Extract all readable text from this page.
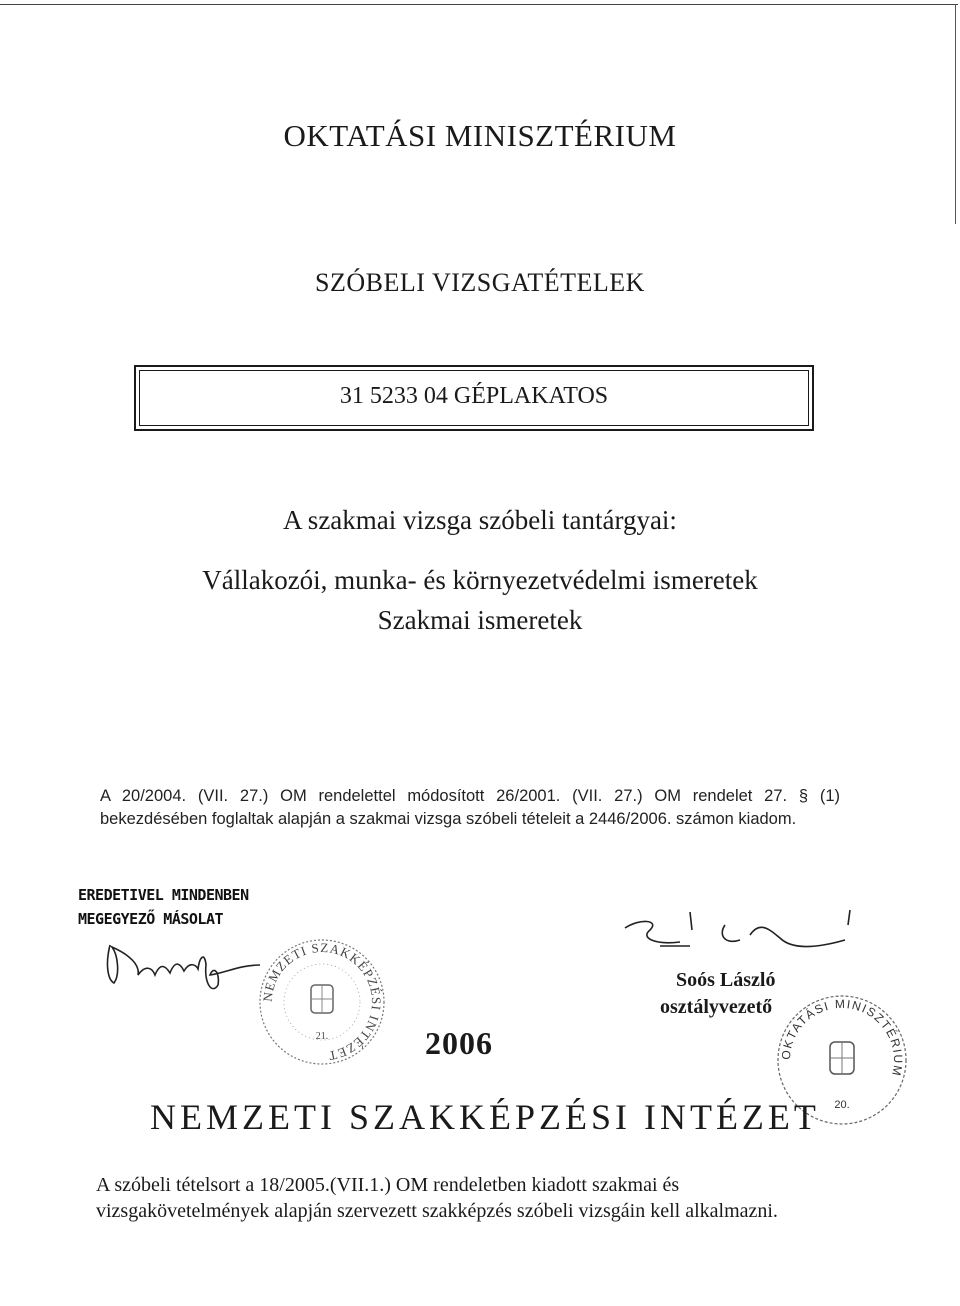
OKTATÁSI MINISZTÉRIUM
SZÓBELI VIZSGATÉTELEK
31 5233 04 GÉPLAKATOS
A szakmai vizsga szóbeli tantárgyai:
Vállakozói, munka- és környezetvédelmi ismeretek
Szakmai ismeretek
A 20/2004. (VII. 27.) OM rendelettel módosított 26/2001. (VII. 27.) OM rendelet 27. § (1) bekezdésében foglaltak alapján a szakmai vizsga szóbeli tételeit a 2446/2006. számon kiadom.
EREDETIVEL MINDENBEN
MEGEGYEZŐ MÁSOLAT
NEMZETI SZAKKÉPZÉSI INTÉZET
21.	2006
Soós László
osztályvezető
OKTATÁSI MINISZTÉRIUM
20.
NEMZETI SZAKKÉPZÉSI INTÉZET
A szóbeli tételsort a 18/2005.(VII.1.) OM rendeletben kiadott szakmai és vizsgakövetelmények alapján szervezett szakképzés szóbeli vizsgáin kell alkalmazni.
